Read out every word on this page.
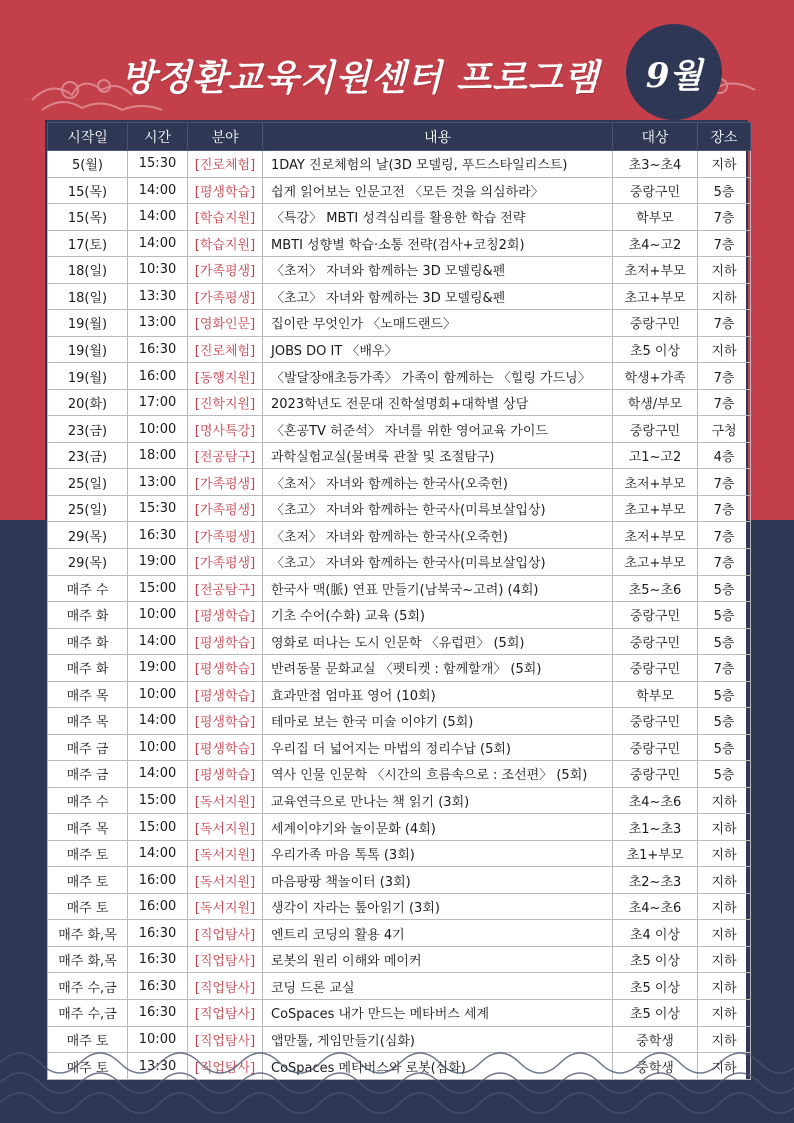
방정환교육지원센터 프로그램	9월
시작일	시간	분야	내용	대상	장소
5(월)	15:30	[진로체험]	1DAY 진로체험의 날(3D 모델링, 푸드스타일리스트)	초3~초4	지하
15(목)	14:00	[평생학습]	쉽게 읽어보는 인문고전 〈모든 것을 의심하라〉	중랑구민	5층
15(목)	14:00	[학습지원]	〈특강〉 MBTI 성격심리를 활용한 학습 전략	학부모	7층
17(토)	14:00	[학습지원]	MBTI 성향별 학습·소통 전략(검사+코칭2회)	초4~고2	7층
18(일)	10:30	[가족평생]	〈초저〉 자녀와 함께하는 3D 모델링&펜	초저+부모	지하
18(일)	13:30	[가족평생]	〈초고〉 자녀와 함께하는 3D 모델링&펜	초고+부모	지하
19(월)	13:00	[영화인문]	집이란 무엇인가 〈노매드랜드〉	중랑구민	7층
19(월)	16:30	[진로체험]	JOBS DO IT 〈배우〉	초5 이상	지하
19(월)	16:00	[동행지원]	〈발달장애초등가족〉 가족이 함께하는 〈힐링 가드닝〉	학생+가족	7층
20(화)	17:00	[진학지원]	2023학년도 전문대 진학설명회+대학별 상담	학생/부모	7층
23(금)	10:00	[명사특강]	〈혼공TV 허준석〉 자녀를 위한 영어교육 가이드	중랑구민	구청
23(금)	18:00	[전공탐구]	과학실험교실(물벼룩 관찰 및 조절탐구)	고1~고2	4층
25(일)	13:00	[가족평생]	〈초저〉 자녀와 함께하는 한국사(오죽헌)	초저+부모	7층
25(일)	15:30	[가족평생]	〈초고〉 자녀와 함께하는 한국사(미륵보살입상)	초고+부모	7층
29(목)	16:30	[가족평생]	〈초저〉 자녀와 함께하는 한국사(오죽헌)	초저+부모	7층
29(목)	19:00	[가족평생]	〈초고〉 자녀와 함께하는 한국사(미륵보살입상)	초고+부모	7층
매주 수	15:00	[전공탐구]	한국사 맥(脈) 연표 만들기(남북국~고려) (4회)	초5~초6	5층
매주 화	10:00	[평생학습]	기초 수어(수화) 교육 (5회)	중랑구민	5층
매주 화	14:00	[평생학습]	영화로 떠나는 도시 인문학 〈유럽편〉 (5회)	중랑구민	5층
매주 화	19:00	[평생학습]	반려동물 문화교실 〈펫티켓 : 함께할개〉 (5회)	중랑구민	7층
매주 목	10:00	[평생학습]	효과만점 엄마표 영어 (10회)	학부모	5층
매주 목	14:00	[평생학습]	테마로 보는 한국 미술 이야기 (5회)	중랑구민	5층
매주 금	10:00	[평생학습]	우리집 더 넓어지는 마법의 정리수납 (5회)	중랑구민	5층
매주 금	14:00	[평생학습]	역사 인물 인문학 〈시간의 흐름속으로 : 조선편〉 (5회)	중랑구민	5층
매주 수	15:00	[독서지원]	교육연극으로 만나는 책 읽기 (3회)	초4~초6	지하
매주 목	15:00	[독서지원]	세계이야기와 놀이문화 (4회)	초1~초3	지하
매주 토	14:00	[독서지원]	우리가족 마음 톡톡 (3회)	초1+부모	지하
매주 토	16:00	[독서지원]	마음팡팡 책놀이터 (3회)	초2~초3	지하
매주 토	16:00	[독서지원]	생각이 자라는 톺아읽기 (3회)	초4~초6	지하
매주 화,목	16:30	[직업탐사]	엔트리 코딩의 활용 4기	초4 이상	지하
매주 화,목	16:30	[직업탐사]	로봇의 원리 이해와 메이커	초5 이상	지하
매주 수,금	16:30	[직업탐사]	코딩 드론 교실	초5 이상	지하
매주 수,금	16:30	[직업탐사]	CoSpaces 내가 만드는 메타버스 세계	초5 이상	지하
매주 토	10:00	[직업탐사]	앱만툴, 게임만들기(심화)	중학생	지하
매주 토	13:30	[직업탐사]	CoSpaces 메타버스와 로봇(심화)	중학생	지하
